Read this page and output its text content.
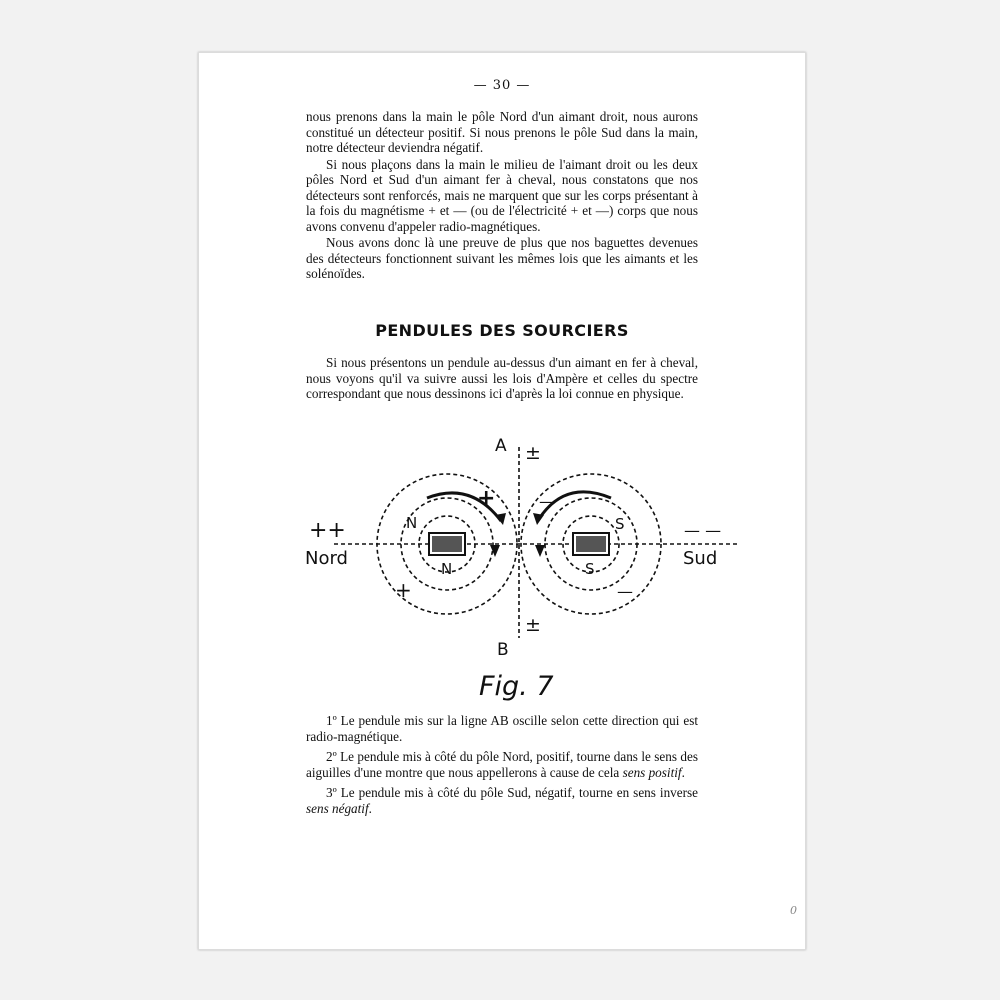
— 30 —

nous prenons dans la main le pôle Nord d'un aimant droit, nous aurons constitué un détecteur positif. Si nous prenons le pôle Sud dans la main, notre détecteur deviendra négatif.

Si nous plaçons dans la main le milieu de l'aimant droit ou les deux pôles Nord et Sud d'un aimant fer à cheval, nous constatons que nos détecteurs sont renforcés, mais ne marquent que sur les corps présentant à la fois du magnétisme + et — (ou de l'électricité + et —) corps que nous avons convenu d'appeler radio-magnétiques.

Nous avons donc là une preuve de plus que nos baguettes devenues des détecteurs fonctionnent suivant les mêmes lois que les aimants et les solénoïdes.

PENDULES DES SOURCIERS

Si nous présentons un pendule au-dessus d'un aimant en fer à cheval, nous voyons qu'il va suivre aussi les lois d'Ampère et celles du spectre correspondant que nous dessinons ici d'après la loi connue en physique.

A
B
±
±
++	— —
Nord	Sud
N
N
S
S
+
+
—
—
Fig. 7

1º Le pendule mis sur la ligne AB oscille selon cette direction qui est radio-magnétique.

2º Le pendule mis à côté du pôle Nord, positif, tourne dans le sens des aiguilles d'une montre que nous appellerons à cause de cela sens positif.

3º Le pendule mis à côté du pôle Sud, négatif, tourne en sens inverse sens négatif.

0
